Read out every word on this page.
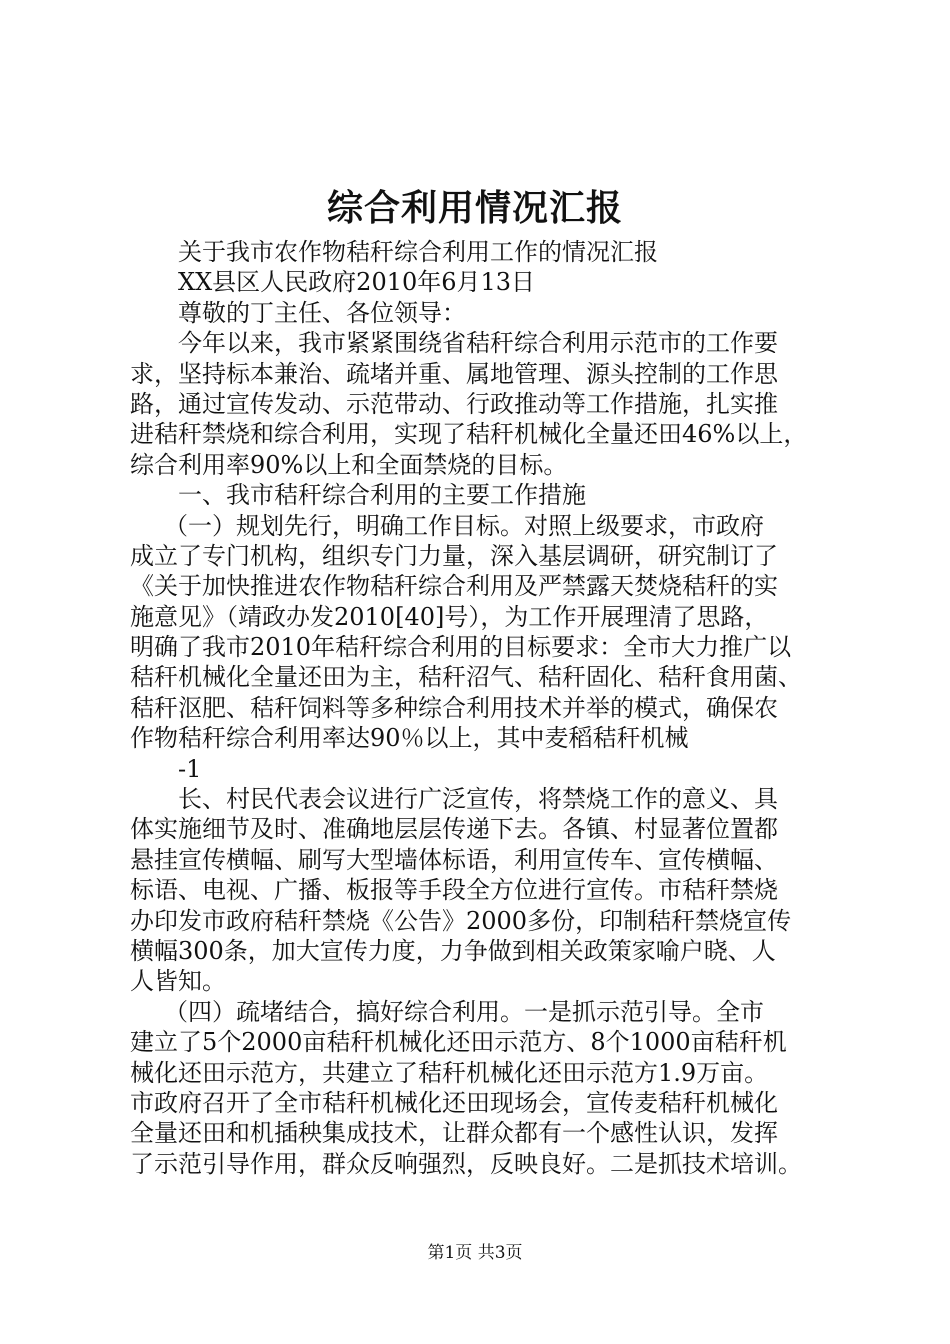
综合利用情况汇报
关于我市农作物秸秆综合利用工作的情况汇报
XX县区人民政府2010年6月13日
尊敬的丁主任、各位领导：
今年以来，我市紧紧围绕省秸秆综合利用示范市的工作要
求，坚持标本兼治、疏堵并重、属地管理、源头控制的工作思
路，通过宣传发动、示范带动、行政推动等工作措施，扎实推
进秸秆禁烧和综合利用，实现了秸秆机械化全量还田46%以上，
综合利用率90%以上和全面禁烧的目标。
一、我市秸秆综合利用的主要工作措施
（一）规划先行，明确工作目标。对照上级要求，市政府
成立了专门机构，组织专门力量，深入基层调研，研究制订了
《关于加快推进农作物秸秆综合利用及严禁露天焚烧秸秆的实
施意见》（靖政办发2010[40]号），为工作开展理清了思路，
明确了我市2010年秸秆综合利用的目标要求：全市大力推广以
秸秆机械化全量还田为主，秸秆沼气、秸秆固化、秸秆食用菌、
秸秆沤肥、秸秆饲料等多种综合利用技术并举的模式，确保农
作物秸秆综合利用率达90％以上，其中麦稻秸秆机械
-1
长、村民代表会议进行广泛宣传，将禁烧工作的意义、具
体实施细节及时、准确地层层传递下去。各镇、村显著位置都
悬挂宣传横幅、刷写大型墙体标语，利用宣传车、宣传横幅、
标语、电视、广播、板报等手段全方位进行宣传。市秸秆禁烧
办印发市政府秸秆禁烧《公告》2000多份，印制秸秆禁烧宣传
横幅300条，加大宣传力度，力争做到相关政策家喻户晓、人
人皆知。
（四）疏堵结合，搞好综合利用。一是抓示范引导。全市
建立了5个2000亩秸秆机械化还田示范方、8个1000亩秸秆机
械化还田示范方，共建立了秸秆机械化还田示范方1.9万亩。
市政府召开了全市秸秆机械化还田现场会，宣传麦秸秆机械化
全量还田和机插秧集成技术，让群众都有一个感性认识，发挥
了示范引导作用，群众反响强烈，反映良好。二是抓技术培训。
第1页 共3页
